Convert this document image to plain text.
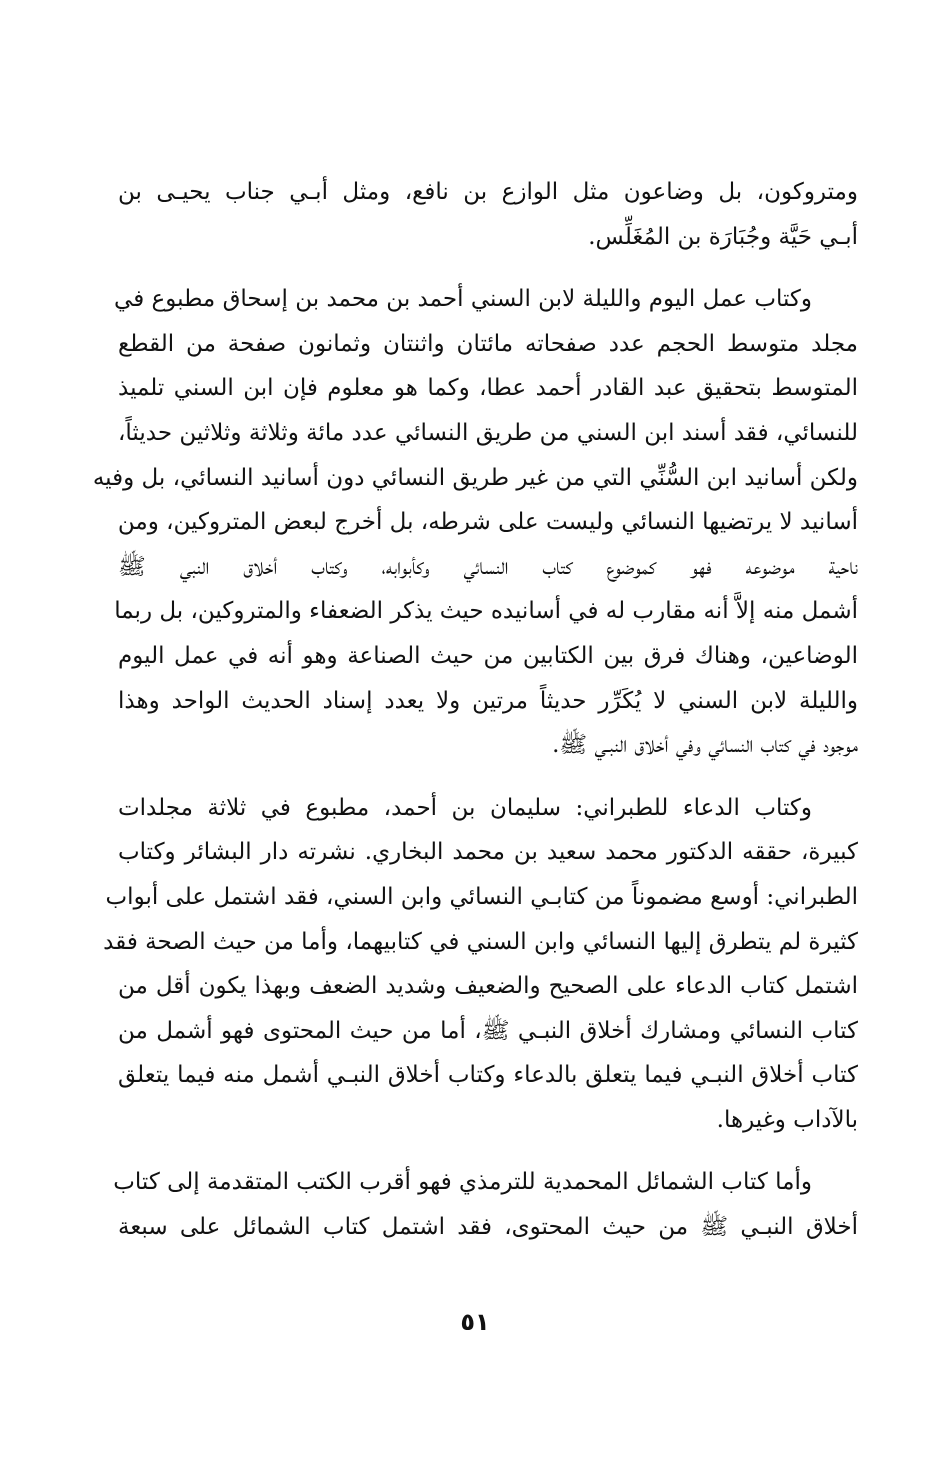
ومتروكون، بل وضاعون مثل الوازع بن نافع، ومثل أبـي جناب يحيـى بن
أبـي حَيَّة وجُبَارَة بن المُغَلِّس.

وكتاب عمل اليوم والليلة لابن السني أحمد بن محمد بن إسحاق مطبوع في
مجلد متوسط الحجم عدد صفحاته مائتان واثنتان وثمانون صفحة من القطع
المتوسط بتحقيق عبد القادر أحمد عطا، وكما هو معلوم فإن ابن السني تلميذ
للنسائي، فقد أسند ابن السني من طريق النسائي عدد مائة وثلاثة وثلاثين حديثاً،
ولكن أسانيد ابن السُّنِّي التي من غير طريق النسائي دون أسانيد النسائي، بل وفيه
أسانيد لا يرتضيها النسائي وليست على شرطه، بل أخرج لبعض المتروكين، ومن
ناحية موضوعه فهو كموضوع كتاب النسائي وكأبوابه، وكتاب أخلاق النبي ﷺ
أشمل منه إلاَّ أنه مقارب له في أسانيده حيث يذكر الضعفاء والمتروكين، بل ربما
الوضاعين، وهناك فرق بين الكتابين من حيث الصناعة وهو أنه في عمل اليوم
والليلة لابن السني لا يُكَرِّر حديثاً مرتين ولا يعدد إسناد الحديث الواحد وهذا
موجود في كتاب النسائي وفي أخلاق النبـي ﷺ.

وكتاب الدعاء للطبراني: سليمان بن أحمد، مطبوع في ثلاثة مجلدات
كبيرة، حققه الدكتور محمد سعيد بن محمد البخاري. نشرته دار البشائر وكتاب
الطبراني: أوسع مضموناً من كتابـي النسائي وابن السني، فقد اشتمل على أبواب
كثيرة لم يتطرق إليها النسائي وابن السني في كتابيهما، وأما من حيث الصحة فقد
اشتمل كتاب الدعاء على الصحيح والضعيف وشديد الضعف وبهذا يكون أقل من
كتاب النسائي ومشارك أخلاق النبـي ﷺ، أما من حيث المحتوى فهو أشمل من
كتاب أخلاق النبـي فيما يتعلق بالدعاء وكتاب أخلاق النبـي أشمل منه فيما يتعلق
بالآداب وغيرها.

وأما كتاب الشمائل المحمدية للترمذي فهو أقرب الكتب المتقدمة إلى كتاب
أخلاق النبـي ﷺ من حيث المحتوى، فقد اشتمل كتاب الشمائل على سبعة

٥١
